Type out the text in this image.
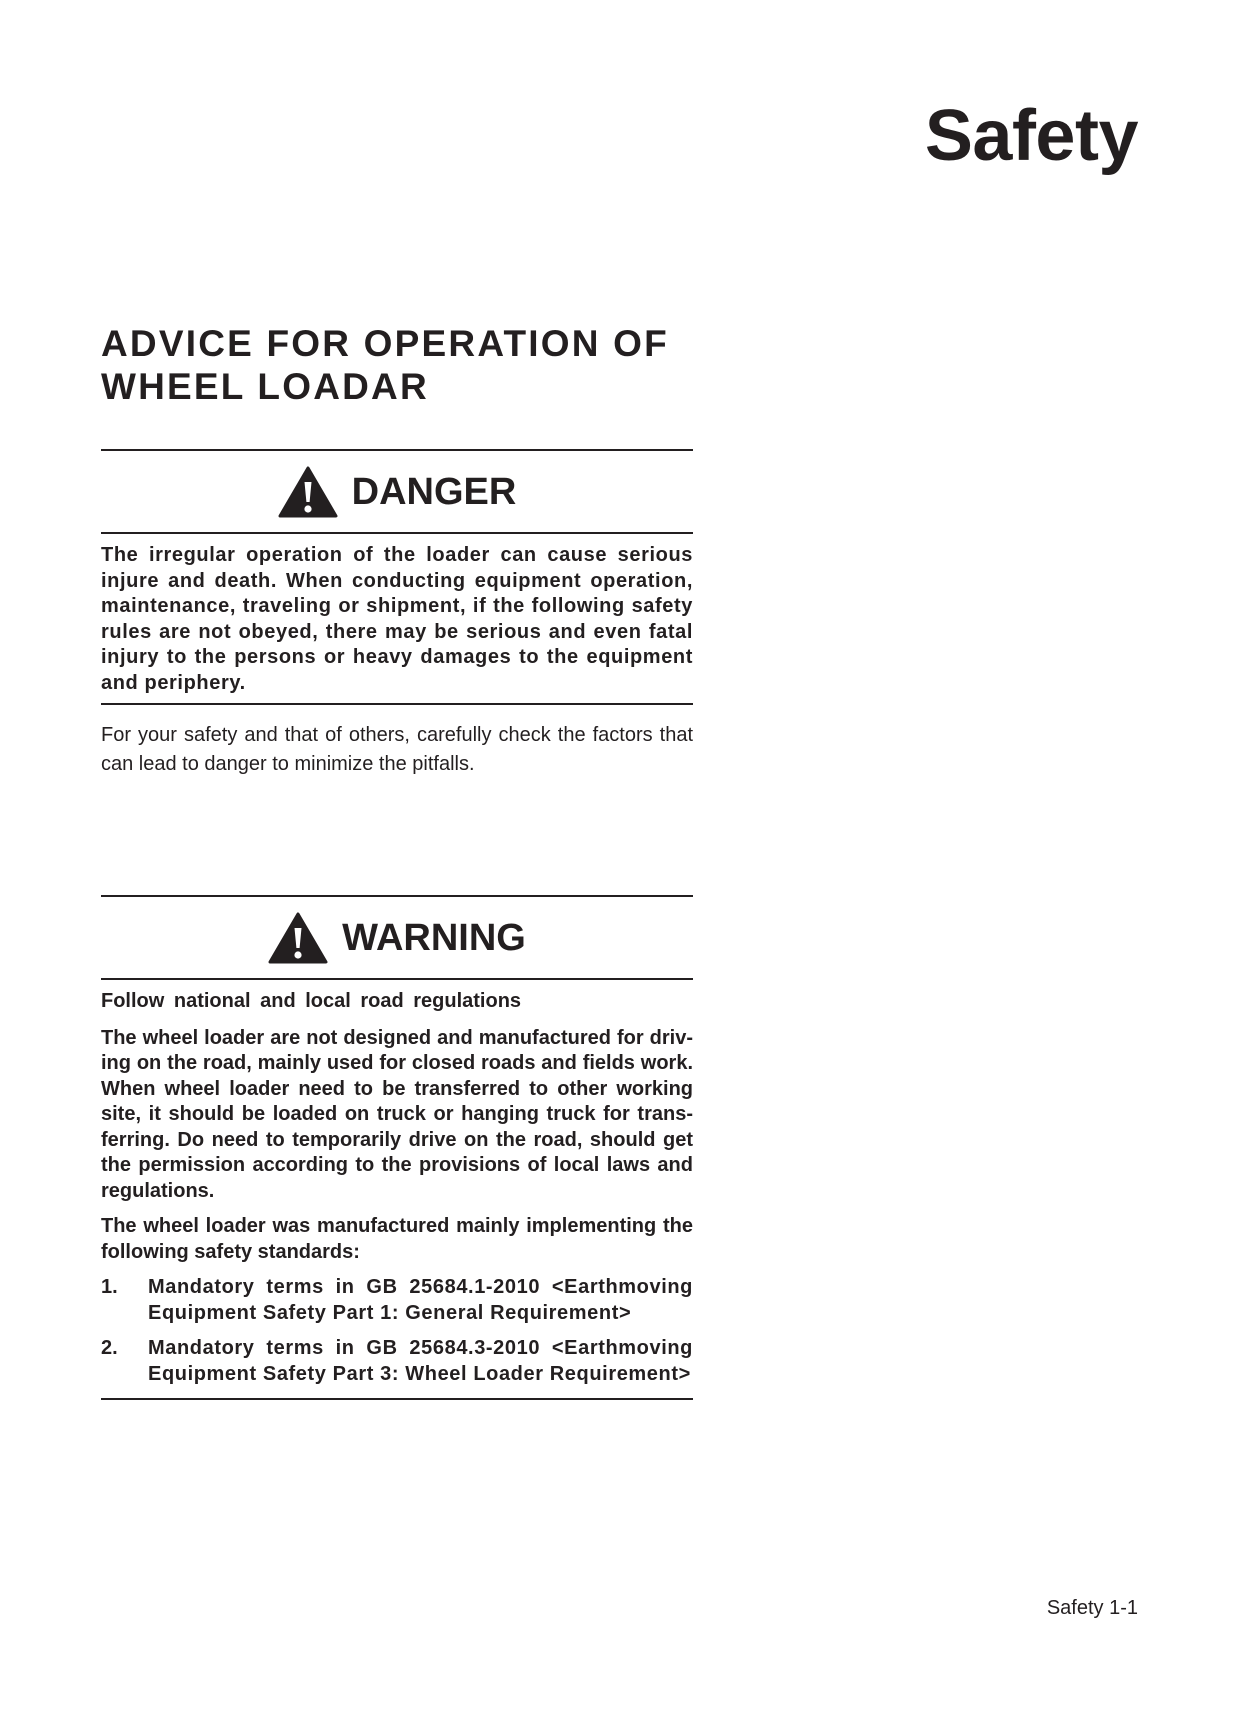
Safety
ADVICE FOR OPERATION OF
WHEEL LOADAR
DANGER

The irregular operation of the loader can cause serious injure and death. When conducting equipment operation, maintenance, traveling or shipment, if the following safety rules are not obeyed, there may be serious and even fatal injury to the persons or heavy damages to the equipment and periphery.

For your safety and that of others, carefully check the factors that can lead to danger to minimize the pitfalls.

WARNING

Follow national and local road regulations

The wheel loader are not designed and manufactured for driv-ing on the road, mainly used for closed roads and fields work. When wheel loader need to be transferred to other working site, it should be loaded on truck or hanging truck for trans-ferring. Do need to temporarily drive on the road, should get the permission according to the provisions of local laws and regulations.

The wheel loader was manufactured mainly implementing the following safety standards:

1.	Mandatory terms in GB 25684.1-2010 <Earthmoving Equipment Safety Part 1: General Requirement>
2.	Mandatory terms in GB 25684.3-2010 <Earthmoving Equipment Safety Part 3: Wheel Loader Requirement>
Safety 1-1
